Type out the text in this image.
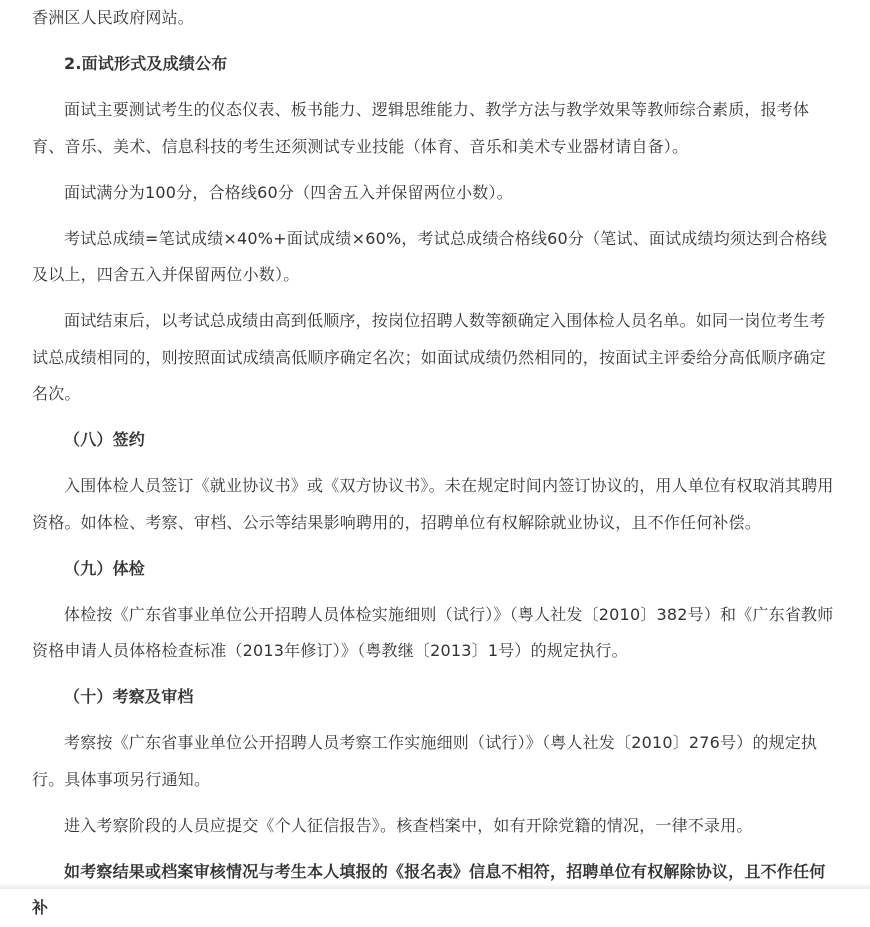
香洲区人民政府网站。

2.面试形式及成绩公布

面试主要测试考生的仪态仪表、板书能力、逻辑思维能力、教学方法与教学效果等教师综合素质，报考体育、音乐、美术、信息科技的考生还须测试专业技能（体育、音乐和美术专业器材请自备）。

面试满分为100分，合格线60分（四舍五入并保留两位小数）。

考试总成绩=笔试成绩×40%+面试成绩×60%，考试总成绩合格线60分（笔试、面试成绩均须达到合格线及以上，四舍五入并保留两位小数）。

面试结束后，以考试总成绩由高到低顺序，按岗位招聘人数等额确定入围体检人员名单。如同一岗位考生考试总成绩相同的，则按照面试成绩高低顺序确定名次；如面试成绩仍然相同的，按面试主评委给分高低顺序确定名次。

（八）签约

入围体检人员签订《就业协议书》或《双方协议书》。未在规定时间内签订协议的，用人单位有权取消其聘用资格。如体检、考察、审档、公示等结果影响聘用的，招聘单位有权解除就业协议，且不作任何补偿。

（九）体检

体检按《广东省事业单位公开招聘人员体检实施细则（试行）》（粤人社发〔2010〕382号）和《广东省教师资格申请人员体格检查标准（2013年修订）》（粤教继〔2013〕1号）的规定执行。

（十）考察及审档

考察按《广东省事业单位公开招聘人员考察工作实施细则（试行）》（粤人社发〔2010〕276号）的规定执行。具体事项另行通知。

进入考察阶段的人员应提交《个人征信报告》。核查档案中，如有开除党籍的情况，一律不录用。

如考察结果或档案审核情况与考生本人填报的《报名表》信息不相符，招聘单位有权解除协议，且不作任何补
